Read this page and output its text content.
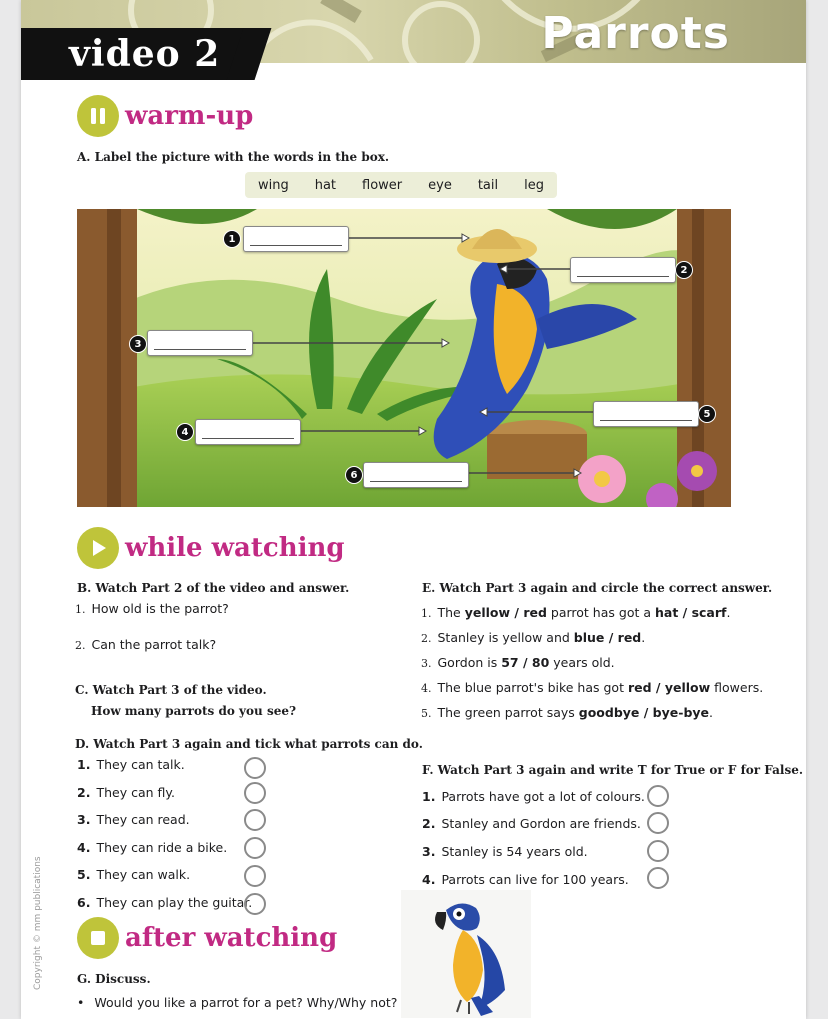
Parrots
video 2
warm-up
A. Label the picture with the words in the box.
wing hat flower eye tail leg
1
2
3
4
5
6
while watching
B. Watch Part 2 of the video and answer.
1. How old is the parrot?
2. Can the parrot talk?
C. Watch Part 3 of the video.
How many parrots do you see?
D. Watch Part 3 again and tick what parrots can do.
1. They can talk.
2. They can fly.
3. They can read.
4. They can ride a bike.
5. They can walk.
6. They can play the guitar.
E. Watch Part 3 again and circle the correct answer.
1. The yellow / red parrot has got a hat / scarf.
2. Stanley is yellow and blue / red.
3. Gordon is 57 / 80 years old.
4. The blue parrot's bike has got red / yellow flowers.
5. The green parrot says goodbye / bye-bye.
F. Watch Part 3 again and write T for True or F for False.
1. Parrots have got a lot of colours.
2. Stanley and Gordon are friends.
3. Stanley is 54 years old.
4. Parrots can live for 100 years.
after watching
G. Discuss.
• Would you like a parrot for a pet? Why/Why not?
Copyright © mm publications
